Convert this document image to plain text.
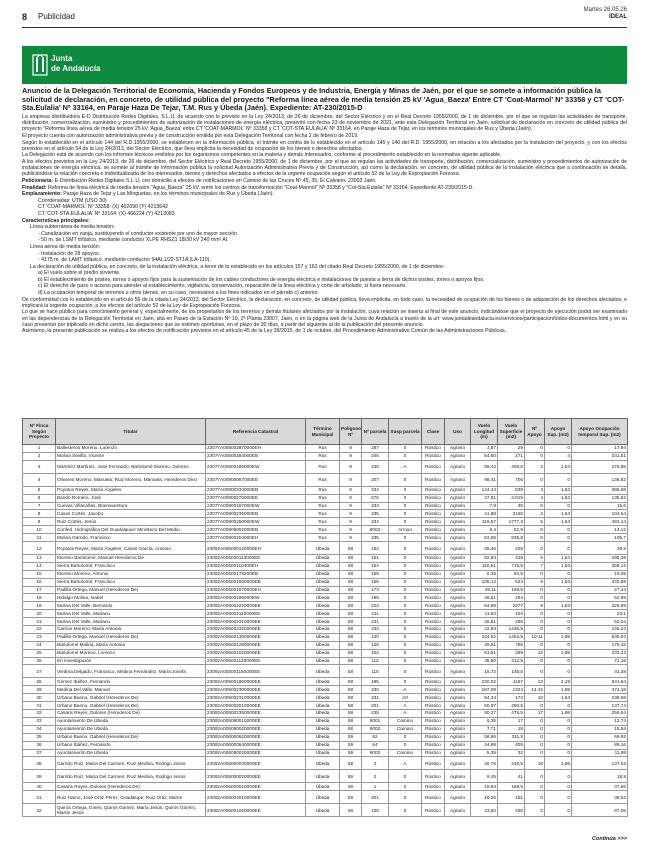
8 Publicidad
Martes 26.05.26
IDEAL
Junta
de Andalucía
Anuncio de la Delegación Territorial de Economía, Hacienda y Fondos Europeos y de Industria, Energía y Minas de Jaén, por el que se somete a información pública la solicitud de declaración, en concreto, de utilidad pública del proyecto "Reforma línea aérea de media tensión 25 kV 'Agua_Baeza' Entre CT 'Coat-Marmol' Nº 33358 y CT 'COT-Sta.Eulalia' Nº 33164, en Paraje Haza De Tejar, T.M. Rus y Úbeda (Jaén). Expediente: AT-230/2015-D

La empresa distribuidora E-D Distribución Redes Digitales, S.L.U, de acuerdo con lo previsto en la Ley 24/2013, de 26 de diciembre, del Sector Eléctrico y en el Real Decreto 1955/2000, de 1 de diciembre, por el que se regulan las actividades de transporte, distribución, comercialización, suministro y procedimientos de autorización de instalaciones de energía eléctrica, presentó con fecha 23 de noviembre de 2021, ante esta Delegación Territorial en Jaén, solicitud de declaración en concreto de utilidad pública del proyecto "Reforma línea aérea de media tensión 25 kV 'Agua_Baeza' entre CT 'COAT-MARMOL' Nº 33358 y CT 'COT-STA.EULALIA' Nº 33164, en Paraje Haza de Tejar, en los términos municipales de Rus y Úbeda (Jaén).

El proyecto cuenta con autorización administrativa previa y de construcción emitida por esta Delegación Territorial con fecha 2 de febrero de 2019.

Según lo establecido en el artículo 144 del R.D.1955/2000, se establecen en la información pública, el trámite en contra de lo establecido en el artículo 145 y 146 del R.D. 1955/2000, en relación a los afectados por la instalación del proyecto, y con los efectos previstos en el artículo 54 de la Ley 24/2013, del Sector Eléctrico, que lleva implícita la necesidad de ocupación de los bienes o derechos afectados.

La Delegación está de acuerdo con los informes técnicos emitidos por los organismos competentes en la materia y demás interesados, conforme al procedimiento establecido en la normativa vigente aplicable.

A los efectos previstos en la Ley 24/2013, de 26 de diciembre, del Sector Eléctrico y Real Decreto 1955/2000, de 1 de diciembre, por el que se regulan las actividades de transporte, distribución, comercialización, suministro y procedimientos de autorización de instalaciones de energía eléctrica, se somete al trámite de información pública la solicitud Autorización Administrativa Previa y de Construcción, así como la declaración, en concreto, de utilidad pública de la instalación eléctrica que a continuación se detalla, publicándose la relación concreta e individualizada de los interesados, bienes y derechos afectados a efectos de la urgente ocupación según el artículo 52 de la Ley de Expropiación Forzosa.

Peticionaria: E-Distribución Redes Digitales S.L.U, con domicilio a efectos de notificaciones en Camino de las Cruces Nº 45, 35, El Calvario, 23003 Jaén.

Finalidad: Reforma de línea eléctrica de media tensión "Agua_Baeza" 25 kV, entre los centros de transformación "Coat-Marmol" Nº 33358 y "Cot-Sta.Eulalia" Nº 33164. Expediente AT-230/2015-D.

Emplazamiento: Paraje Haza de Tejar y Las Minguetas, en los términos municipales de Rus y Úbeda (Jaén).

Coordenadas: UTM (USO 30)

CT 'COAT-MARMOL' Nº 33358: (X) 462090 (Y) 4213642

CT 'COT-STA.EULALIA' Nº 33164: (X) 466224 (Y) 4213083

Características principales:

Línea subterránea de media tensión:

- Canalización en zanja, sustituyendo el conductor existente por uno de mayor sección.

- 50 m. de LSMT trifásico, mediante conductor XLPE RHSZ1 18/30 kV 240 mm² Al.

Línea aérea de media tensión:

- Instalación de 28 apoyos.

- 4175 m. de LAMT trifásico, mediante conductor 94AL1/22-ST1A (LA-110).

La declaración de utilidad pública, en concreto, de la instalación eléctrica, a tenor de lo establecido en los artículos 157 y 162 del citado Real Decreto 1955/2000, de 1 de diciembre:

a) El vuelo sobre el predio sirviente.

b) El establecimiento de postes, torres o apoyos fijos para la sustentación de los cables conductores de energía eléctrica e instalaciones de puesta a tierra de dichos postes, torres o apoyos fijos.

c) El derecho de paso o acceso para atender al establecimiento, vigilancia, conservación, reparación de la línea eléctrica y corte de arbolado, si fuera necesario.

d) La ocupación temporal de terrenos u otros bienes, en su caso, necesarios a los fines indicados en el párrafo c) anterior.

De conformidad con lo establecido en el artículo 56 de la citada Ley 24/2013, del Sector Eléctrico, la declaración, en concreto, de utilidad pública, lleva implícita, en todo caso, la necesidad de ocupación de los bienes o de adquisición de los derechos afectados, e implicará la urgente ocupación, a los efectos del artículo 52 de la Ley de Expropiación Forzosa.

Lo que se hace público para conocimiento general y, especialmente, de los propietarios de los terrenos y demás titulares afectados por la instalación, cuya relación se inserta al final de este anuncio, indicándose que el proyecto de ejecución podrá ser examinado en las dependencias de la Delegación Territorial en Jaén, sita en Paseo de la Estación Nº 19, 2ª Planta 23007, Jaén, o en la página web de la Junta de Andalucía a través de la url: www.juntadeandalucia.es/servicios/participacion/todos-documentos.html y en su caso presentar por triplicado en dicho centro, las alegaciones que se estimen oportunas, en el plazo de 30 días, a partir del siguiente al de la publicación del presente anuncio.

Asimismo, la presente publicación se realiza a los efectos de notificación previstos en el artículo 45 de la Ley 39/2015, de 1 de octubre, del Procedimiento Administrativo Común de las Administraciones Públicas.

Nº Finca Según Proyecto	Titular	Referencia Catastral	Término Municipal	Polígono Nº	Nº parcela	Susp parcela	Clase	Uso	Vuelo Longitud (m)	Vuelo Superficie (m2)	Nº Apoyo	Apoyo Sup. (m2)	Apoyo Ocupación temporal Sup. (m2)
1	Ballesteros Moreno, Lorenzo	23077A005002870000EH	Rus	9	287	0	Rústico	Agrario	3,87	29	0	0	17,94
2	Molina Sevilla, Vicente	23077A00500284000EB	Rus	9	245	0	Rústico	Agrario	54,60	271	0	4	231,51
3	Martínez Martínez, José Fernando; Bartolomé Moreno, Dolores	23077A00900185000EW	Rus	9	235	A	Rústico	Agrario	89,43	459,5	2	1,63	276,86
4	Olivares Moreno, Manuela; Ruiz Moreno, Manuela; Herederos Díez	23077A00900067000EE	Rus	9	207	0	Rústico	Agrario	98,41	706	0	0	136,82
5	Poyatos Reyes, María Ángeles	23077A00900334000EB	Rus	9	334	0	Rústico	Agrario	144,44	839	3	1,63	386,68
6	Bando Romero, José	23077A00900276000EE	Rus	9	276	0	Rústico	Agrario	47,81	2.015	4	1,63	135,52
7	Cuevas Villacañas, Buenaventura	23077A00900167000EW	Rus	9	233	0	Rústico	Agrario	7,8	35	0	0	15,6
8	Casas Cortés, Jacobo	23077A00900235000EB	Rus	9	235	0	Rústico	Agrario	41,88	3165	2	1,63	104,54
9	Ruiz Cortés, Jesús	23077A00900260000EW	Rus	9	234	0	Rústico	Agrario	116,57	1777,3	5	1,63	493,14
10	Confed. Hidrográfica Del Guadalquivir Ministerio Del Medio	23077A00909002000EB	Rus	9	9002	Arroyo	Rústico	Agrario	9,4	52,9	0	0	14,12
11	Molina Garrido, Francisco	23077A00900204000EH	Rus	9	235	0	Rústico	Agrario	53,06	835,8	0	0	106,7
12	Poyatos Reyes, María Ángeles; Casas García, Antonio	23092A006000120000EH	Úbeda	58	152	0	Rústico	Agrario	25,46	228	0	0	38,9
13	Moreno Bartolomé, Manuel Herederos De	23092A005000113000EE	Úbeda	58	151	0	Rústico	Agrario	82,94	448	6	1,64	295,38
14	Sierra Bartolomé, Francisco	23092A00500110400EH	Úbeda	58	154	0	Rústico	Agrario	110,61	715,5	7	1,63	358,12
15	Moreno Moreno, Antonio	23092A00500178200EB	Úbeda	58	155	0	Rústico	Agrario	6,35	83,5	0	0	19,05
16	Sierra Bartolomé, Francisco	23092A005001560000EB	Úbeda	58	156	0	Rústico	Agrario	105,12	524	8	1,63	432,58
17	Padilla Ortega, Manuel (Herederos De)	23092A005001570000EH	Úbeda	58	173	0	Rústico	Agrario	49,11	168,5	0	0	27,44
18	Hidalgo Molina, Isabel	23092A00500195000EW	Úbeda	58	195	0	Rústico	Agrario	46,51	264	0	0	52,89
19	Molina Del Valle, Bernardo	23092A005002220000EE	Úbeda	58	222	0	Rústico	Agrario	64,89	2277	9	1,63	225,98
20	Molina Del Valle, Mariano	23092A005002110000EE	Úbeda	58	211	0	Rústico	Agrario	11,53	104	0	0	23,1
21	Molina Del Valle, Mariano	23092A005002310000EE	Úbeda	58	231	0	Rústico	Agrario	26,81	255	0	0	52,04
22	Carrion Moreno, María Antonia	23092A005002320000EE	Úbeda	58	232	0	Rústico	Agrario	22,83	1435,5	0	0	145,24
23	Padilla Ortega, Manuel (Herederos De)	23092A005001300000EE	Úbeda	58	130	0	Rústico	Agrario	244,52	1452,5	10-11	1,98	539,84
24	Bartolomé Molina, María Antonia	23092A005001280000EE	Úbeda	58	128	0	Rústico	Agrario	49,81	755	0	0	175,42
25	Bartolomé Moreno, Lorenzo	23092A005001020000EE	Úbeda	58	102	0	Rústico	Agrario	61,61	269	12	1,98	233,23
26	En Investigación	23092A005001120000EE	Úbeda	58	112	0	Rústico	Agrario	35,50	312,5	0	0	71,18
27	Viedma Delgado, Francisco; Medina Fernández, María Josefa	23092A005001150000EE	Úbeda	58	115	0	Rústico	Agrario	15,72	145,5	0	0	31,48
28	Gómez Ibáñez, Fernando	23092A005001950000EE	Úbeda	58	195	0	Rústico	Agrario	230,02	1167	13	2,19	541,64
29	Medina Del Valle, Manuel	23092A005002300000EE	Úbeda	58	230	A	Rústico	Agrario	187,09	1324	14,15	1,98	474,18
30	Urbano Bueno, Gabriel (Herederos De)	23092A005002310000EE	Úbeda	58	231	A0	Rústico	Agrario	54,34	173	16	1,63	238,68
31	Urbano Bueno, Gabriel (Herederos De)	23092A005002010000EE	Úbeda	58	201	A	Rústico	Agrario	50,87	280,5	0	0	137,74
32	Casans Reyes, Dolores (Herederos De)	23092A005002350000EE	Úbeda	58	235	A	Rústico	Agrario	80,27	475,5	17	1,98	259,54
33	Ayuntamiento De Úbeda	23092A005090010000EE	Úbeda	58	9001	Camino	Rústico	Agrario	6,35	17	0	0	12,74
34	Ayuntamiento De Úbeda	23092A005090020000EE	Úbeda	58	9002	Camino	Rústico	Agrario	7,71	18	0	0	15,54
35	Urbano Bueno, Gabriel (Herederos De)	23092A006000620000EE	Úbeda	59	62	0	Rústico	Agrario	58,96	311,5	0	0	69,92
36	Urbano Ibáñez, Fernando	23092A006000640000EE	Úbeda	59	64	0	Rústico	Agrario	44,99	405	0	0	89,16
37	Ayuntamiento De Úbeda	23092A006090020000EE	Úbeda	59	9002	Camino	Rústico	Agrario	5,35	32	0	0	11,98
38	Garrido Ruiz, María Del Carmen; Ruiz Medina, Rodrigo Jesús	23092A006000030000EE	Úbeda	59	3	A	Rústico	Agrario	46,76	248,5	18	1,98	137,52
39	Garrido Ruiz, María Del Carmen; Ruiz Medina, Rodrigo Jesús	23092A006000020000EE	Úbeda	59	2	0	Rústico	Agrario	9,45	41	0	0	18,9
40	Casans Reyes, Dolores (Herederos De)	23092A006000010000EE	Úbeda	59	1	0	Rústico	Agrario	18,83	169,5	0	0	37,66
41	Ruiz Harno, José Ortiz Pérez, Guadalupe; Ruiz Ortiz, Martín	23092A006004010000EE	Úbeda	59	401	0	Rústico	Agrario	19,26	151	0	0	38,52
42	Quirós Ortega, Ginés; Quirós Gómez, María Jesús; Quirós Gómez, Martín Jesús	23092A006001050000EE	Úbeda	59	105	0	Rústico	Agrario	43,60	400	0	0	87,06
Continúa >>>
